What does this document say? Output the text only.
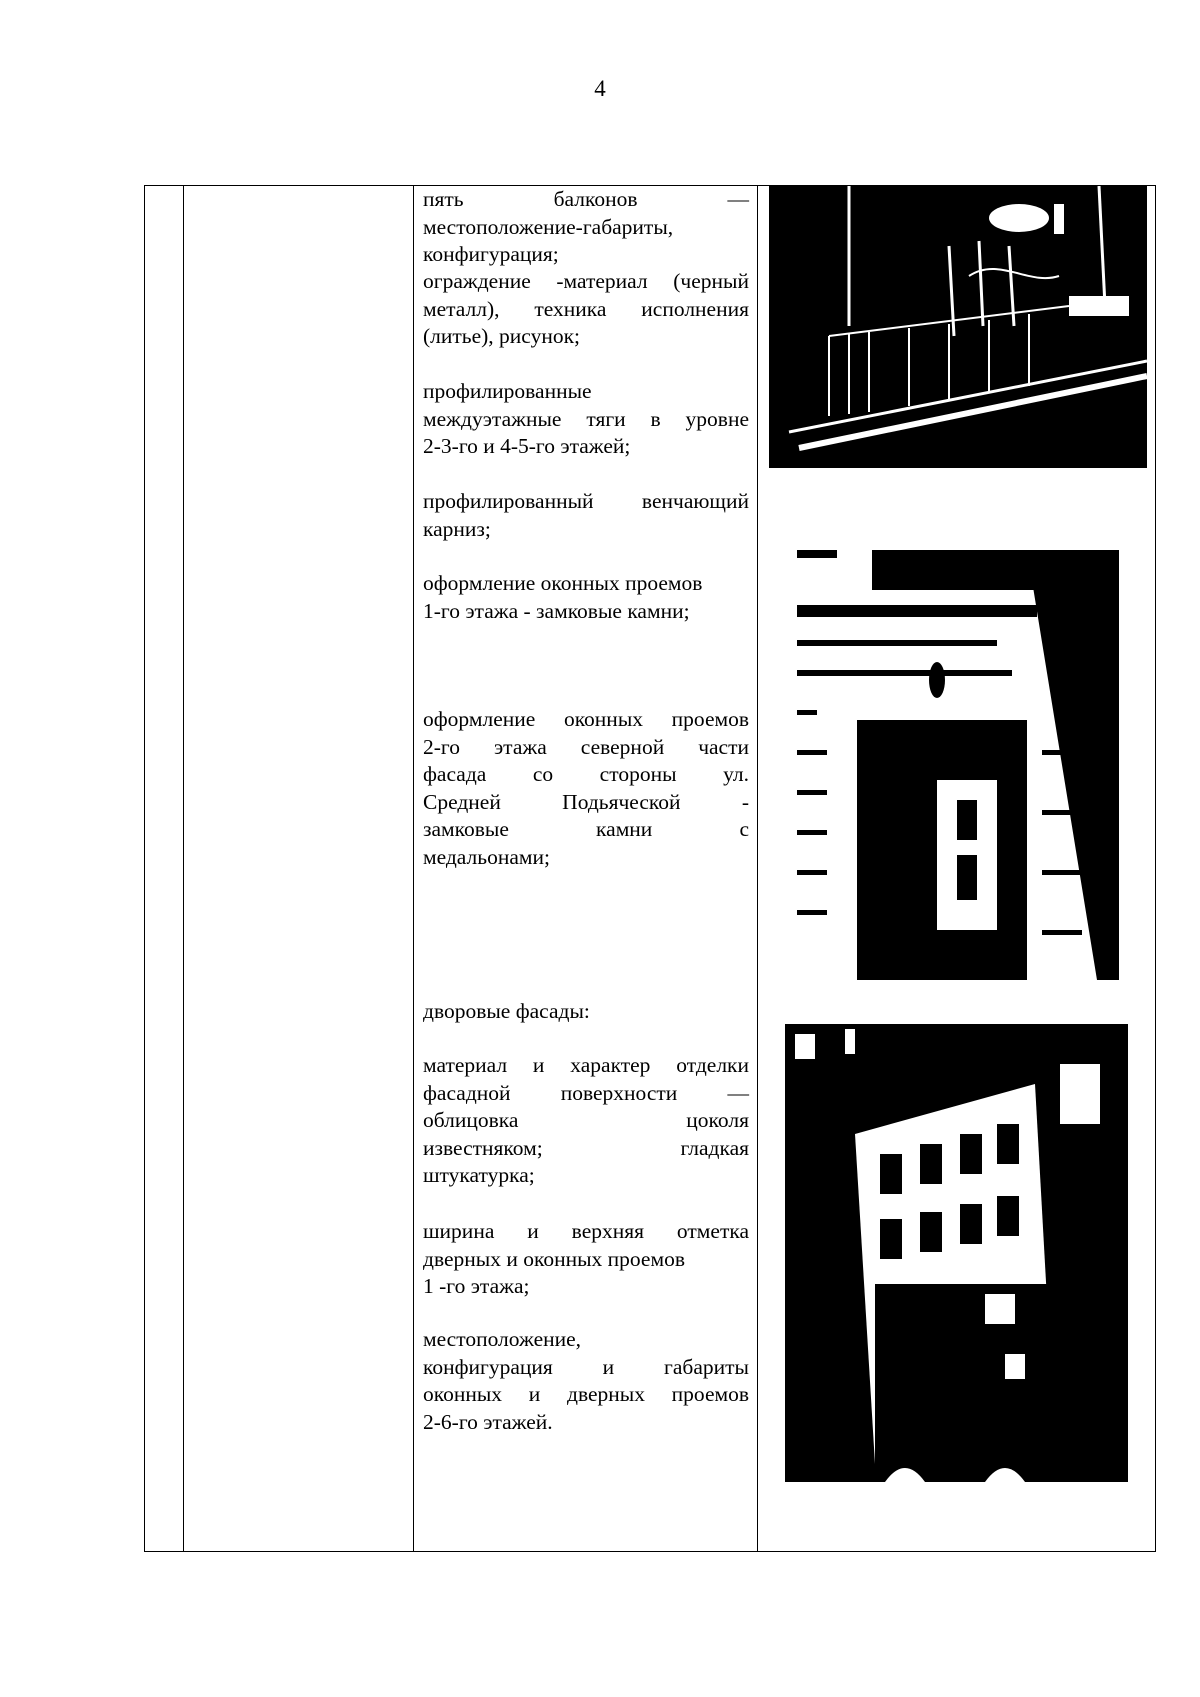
4
пять балконов —
местоположение-габариты,
конфигурация;
ограждение -материал (черный
металл), техника исполнения
(литье), рисунок;
профилированные
междуэтажные тяги в уровне
2-3-го и 4-5-го этажей;
профилированный венчающий
карниз;
оформление оконных проемов
1-го этажа - замковые камни;
оформление оконных проемов
2-го этажа северной части
фасада со стороны ул.
Средней Подьяческой -
замковые камни с
медальонами;
дворовые фасады:
материал и характер отделки
фасадной поверхности —
облицовка цоколя
известняком; гладкая
штукатурка;
ширина и верхняя отметка
дверных и оконных проемов
1 -го этажа;
местоположение,
конфигурация и габариты
оконных и дверных проемов
2-6-го этажей.
